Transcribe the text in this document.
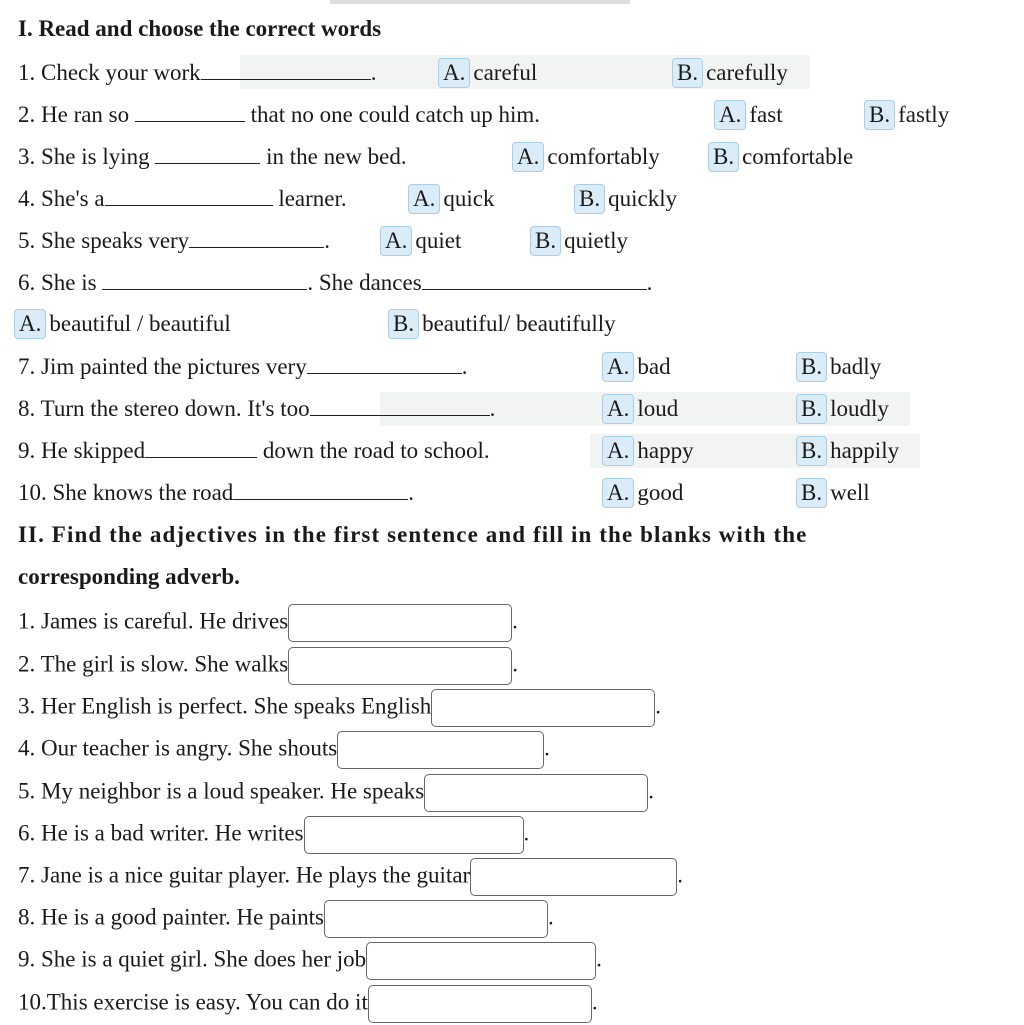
I. Read and choose the correct words
1. Check your work	.	A. careful	B. carefully
2. He ran so	that no one could catch up him.	A. fast	B. fastly
3. She is lying	in the new bed.	A. comfortably B. comfortable
4. She's a	learner.	A. quick	B. quickly
5. She speaks very	. A. quiet	B. quietly
6. She is	. She dances	.
A. beautiful / beautiful	B. beautiful/ beautifully
7. Jim painted the pictures very	.	A. bad	B. badly
8. Turn the stereo down. It's too	.	A. loud	B. loudly
9. He skipped	down the road to school.	A. happy	B. happily
10. She knows the road	.	A. good	B. well
II. Find the adjectives in the first sentence and fill in the blanks with the
corresponding adverb.
1. James is careful. He drives	.
2. The girl is slow. She walks	.
3. Her English is perfect. She speaks English	.
4. Our teacher is angry. She shouts	.
5. My neighbor is a loud speaker. He speaks	.
6. He is a bad writer. He writes	.
7. Jane is a nice guitar player. He plays the guitar	.
8. He is a good painter. He paints	.
9. She is a quiet girl. She does her job	.
10.This exercise is easy. You can do it	.
